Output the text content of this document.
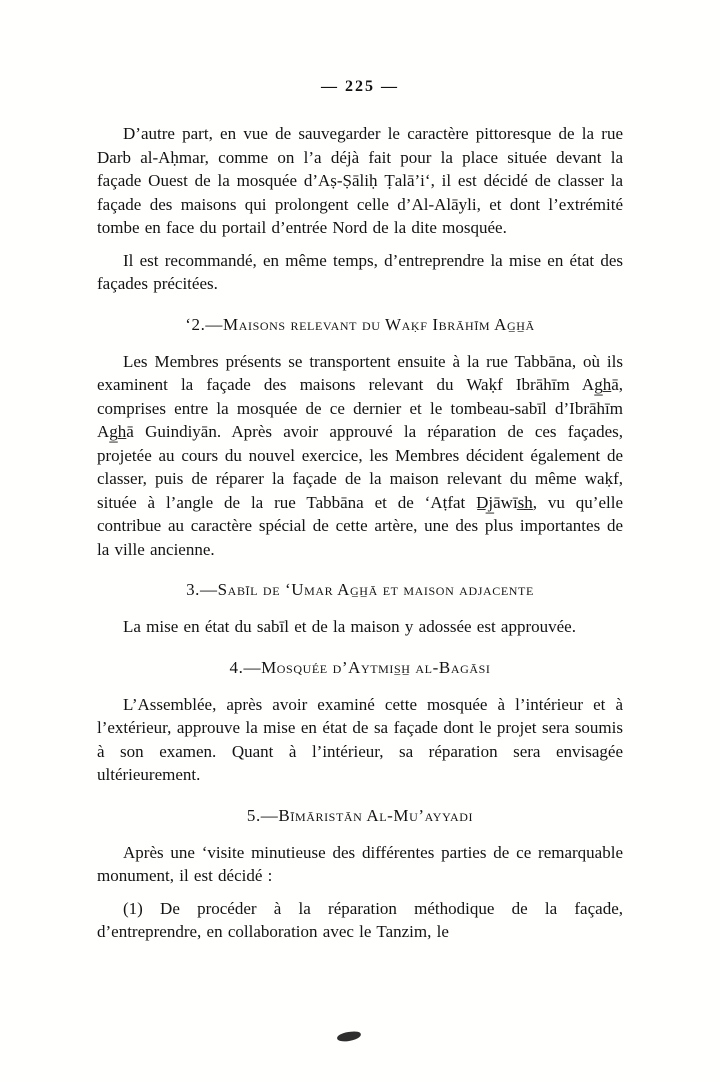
— 225 —

D’autre part, en vue de sauvegarder le caractère pittoresque de la rue Darb al-Aḥmar, comme on l’a déjà fait pour la place située devant la façade Ouest de la mosquée d’Aṣ-Ṣāliḥ Ṭalā’i‘, il est décidé de classer la façade des maisons qui prolongent celle d’Al-Alāyli, et dont l’extrémité tombe en face du portail d’entrée Nord de la dite mosquée.

Il est recommandé, en même temps, d’entreprendre la mise en état des façades précitées.

‘2.—Maisons relevant du Waḳf Ibrāhīm Ag̲h̲ā

Les Membres présents se transportent ensuite à la rue Tabbāna, où ils examinent la façade des maisons relevant du Waḳf Ibrāhīm Ag̲h̲ā, comprises entre la mosquée de ce dernier et le tombeau-sabīl d’Ibrāhīm Ag̲h̲ā Guindiyān. Après avoir approuvé la réparation de ces façades, projetée au cours du nouvel exercice, les Membres décident également de classer, puis de réparer la façade de la maison relevant du même waḳf, située à l’angle de la rue Tabbāna et de ‘Aṭfat D̲j̲āwīs̲h̲, vu qu’elle contribue au caractère spécial de cette artère, une des plus importantes de la ville ancienne.

3.—Sabīl de ‘Umar Ag̲h̲ā et maison adjacente

La mise en état du sabīl et de la maison y adossée est approuvée.

4.—Mosquée d’Aytmis̲h̲ al-Bagāsi

L’Assemblée, après avoir examiné cette mosquée à l’intérieur et à l’extérieur, approuve la mise en état de sa façade dont le projet sera soumis à son examen. Quant à l’intérieur, sa réparation sera envisagée ultérieurement.

5.—Bīmāristān Al-Mu’ayyadi

Après une ‘visite minutieuse des différentes parties de ce remarquable monument, il est décidé :

(1) De procéder à la réparation méthodique de la façade, d’entreprendre, en collaboration avec le Tanzim, le
